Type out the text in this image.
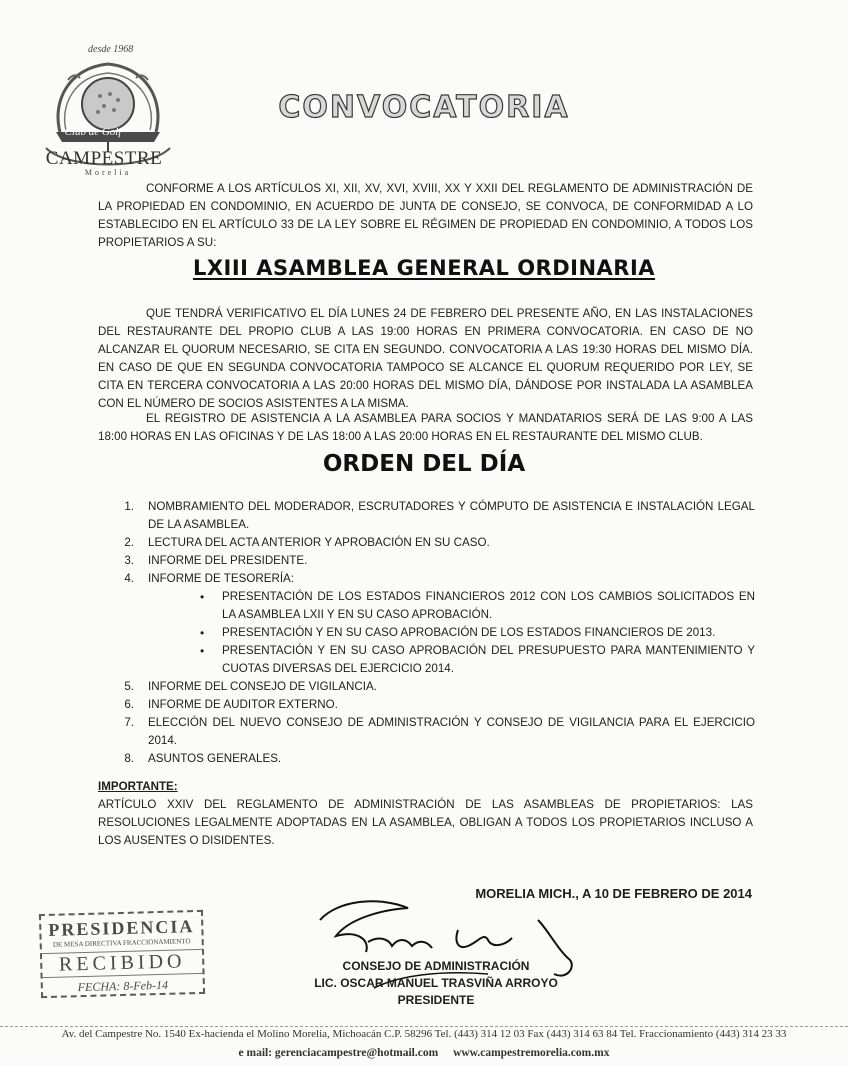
desde 1968
Club de Golf
CAMPESTRE
Morelia
CONVOCATORIA
CONFORME A LOS ARTÍCULOS XI, XII, XV, XVI, XVIII, XX Y XXII DEL REGLAMENTO DE ADMINISTRACIÓN DE LA PROPIEDAD EN CONDOMINIO, EN ACUERDO DE JUNTA DE CONSEJO, SE CONVOCA, DE CONFORMIDAD A LO ESTABLECIDO EN EL ARTÍCULO 33 DE LA LEY SOBRE EL RÉGIMEN DE PROPIEDAD EN CONDOMINIO, A TODOS LOS PROPIETARIOS A SU:
LXIII ASAMBLEA GENERAL ORDINARIA
QUE TENDRÁ VERIFICATIVO EL DÍA LUNES 24 DE FEBRERO DEL PRESENTE AÑO, EN LAS INSTALACIONES DEL RESTAURANTE DEL PROPIO CLUB A LAS 19:00 HORAS EN PRIMERA CONVOCATORIA. EN CASO DE NO ALCANZAR EL QUORUM NECESARIO, SE CITA EN SEGUNDO. CONVOCATORIA A LAS 19:30 HORAS DEL MISMO DÍA. EN CASO DE QUE EN SEGUNDA CONVOCATORIA TAMPOCO SE ALCANCE EL QUORUM REQUERIDO POR LEY, SE CITA EN TERCERA CONVOCATORIA A LAS 20:00 HORAS DEL MISMO DÍA, DÁNDOSE POR INSTALADA LA ASAMBLEA CON EL NÚMERO DE SOCIOS ASISTENTES A LA MISMA.
EL REGISTRO DE ASISTENCIA A LA ASAMBLEA PARA SOCIOS Y MANDATARIOS SERÁ DE LAS 9:00 A LAS 18:00 HORAS EN LAS OFICINAS Y DE LAS 18:00 A LAS 20:00 HORAS EN EL RESTAURANTE DEL MISMO CLUB.
ORDEN DEL DÍA
1. NOMBRAMIENTO DEL MODERADOR, ESCRUTADORES Y CÓMPUTO DE ASISTENCIA E INSTALACIÓN LEGAL DE LA ASAMBLEA.
2. LECTURA DEL ACTA ANTERIOR Y APROBACIÓN EN SU CASO.
3. INFORME DEL PRESIDENTE.
4. INFORME DE TESORERÍA:
• PRESENTACIÓN DE LOS ESTADOS FINANCIEROS 2012 CON LOS CAMBIOS SOLICITADOS EN LA ASAMBLEA LXII Y EN SU CASO APROBACIÓN.
• PRESENTACIÓN Y EN SU CASO APROBACIÓN DE LOS ESTADOS FINANCIEROS DE 2013.
• PRESENTACIÓN Y EN SU CASO APROBACIÓN DEL PRESUPUESTO PARA MANTENIMIENTO Y CUOTAS DIVERSAS DEL EJERCICIO 2014.
5. INFORME DEL CONSEJO DE VIGILANCIA.
6. INFORME DE AUDITOR EXTERNO.
7. ELECCIÓN DEL NUEVO CONSEJO DE ADMINISTRACIÓN Y CONSEJO DE VIGILANCIA PARA EL EJERCICIO 2014.
8. ASUNTOS GENERALES.
IMPORTANTE:
ARTÍCULO XXIV DEL REGLAMENTO DE ADMINISTRACIÓN DE LAS ASAMBLEAS DE PROPIETARIOS: LAS RESOLUCIONES LEGALMENTE ADOPTADAS EN LA ASAMBLEA, OBLIGAN A TODOS LOS PROPIETARIOS INCLUSO A LOS AUSENTES O DISIDENTES.
MORELIA MICH., A 10 DE FEBRERO DE 2014
PRESIDENCIA
DE MESA DIRECTIVA FRACCIONAMIENTO
RECIBIDO
FECHA: 8-Feb-14
CONSEJO DE ADMINISTRACIÓN
LIC. OSCAR MANUEL TRASVIÑA ARROYO
PRESIDENTE
Av. del Campestre No. 1540 Ex-hacienda el Molino Morelia, Michoacán C.P. 58296 Tel. (443) 314 12 03 Fax (443) 314 63 84 Tel. Fraccionamiento (443) 314 23 33
e mail: gerenciacampestre@hotmail.com www.campestremorelia.com.mx
